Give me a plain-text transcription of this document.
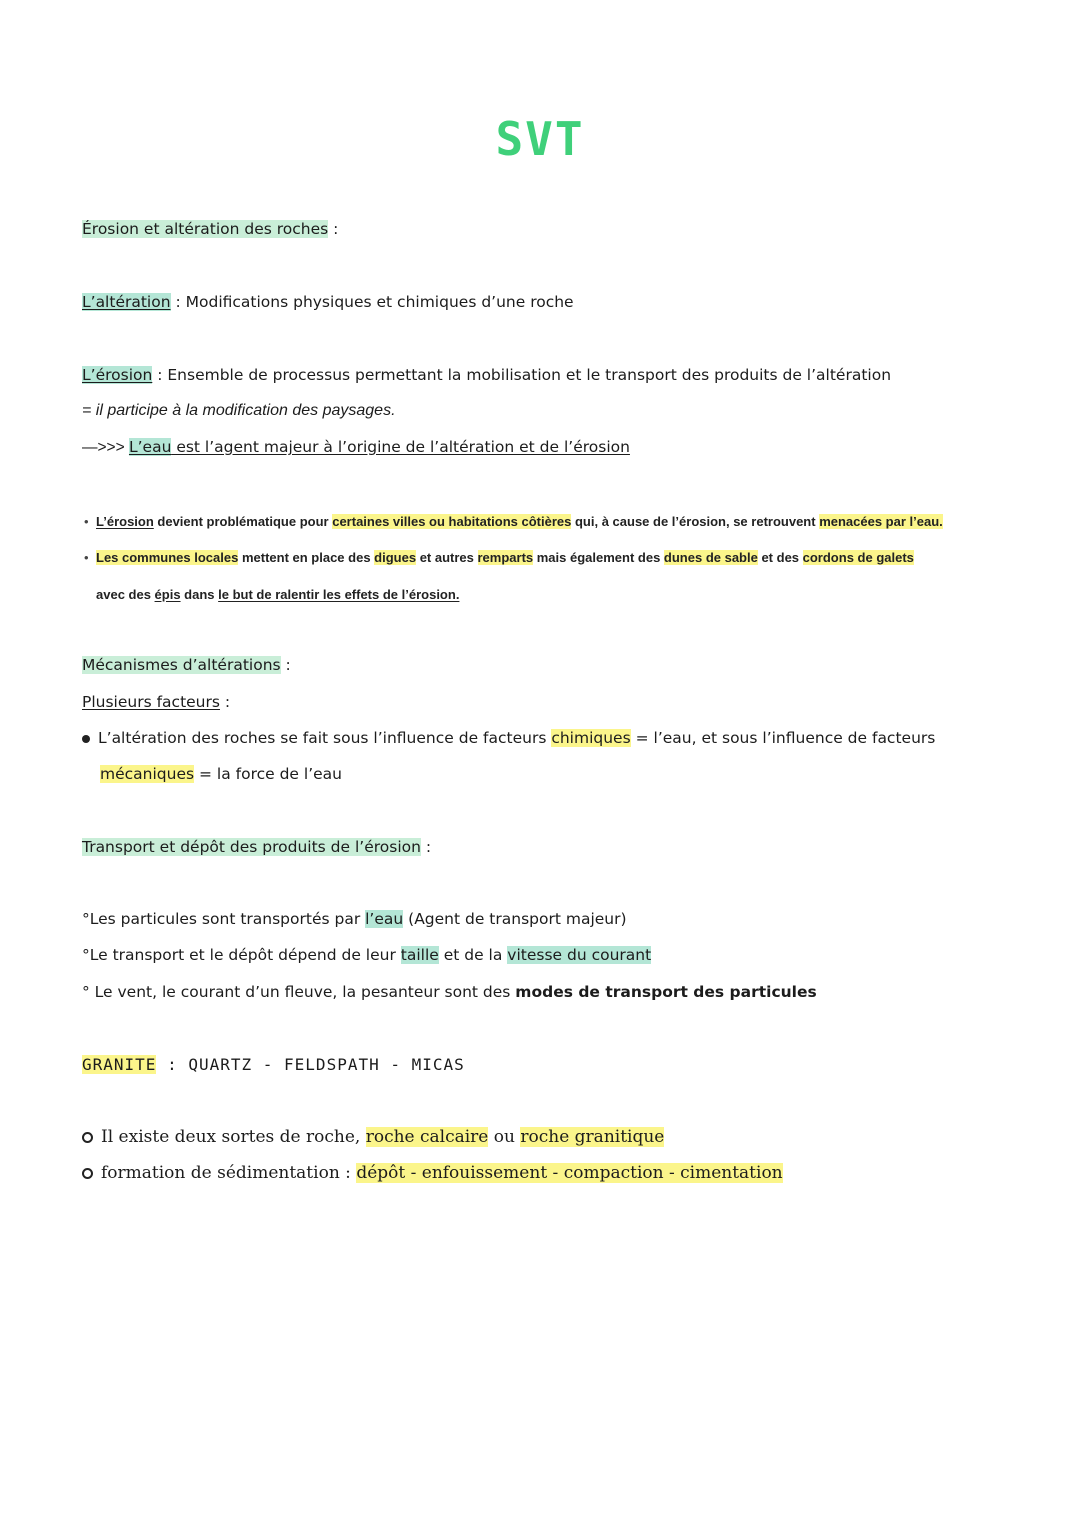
SVT
Érosion et altération des roches :
L’altération : Modifications physiques et chimiques d’une roche
L’érosion : Ensemble de processus permettant la mobilisation et le transport des produits de l’altération
= il participe à la modification des paysages.
—>>> L’eau est l’agent majeur à l’origine de l’altération et de l’érosion
• L’érosion devient problématique pour certaines villes ou habitations côtières qui, à cause de l’érosion, se retrouvent menacées par l’eau.
• Les communes locales mettent en place des digues et autres remparts mais également des dunes de sable et des cordons de galets
avec des épis dans le but de ralentir les effets de l’érosion.
Mécanismes d’altérations :
Plusieurs facteurs :
L’altération des roches se fait sous l’influence de facteurs chimiques = l’eau, et sous l’influence de facteurs
mécaniques = la force de l’eau
Transport et dépôt des produits de l’érosion :
°Les particules sont transportés par l’eau (Agent de transport majeur)
°Le transport et le dépôt dépend de leur taille et de la vitesse du courant
° Le vent, le courant d’un fleuve, la pesanteur sont des modes de transport des particules
GRANITE : QUARTZ - FELDSPATH - MICAS
Il existe deux sortes de roche, roche calcaire ou roche granitique
formation de sédimentation : dépôt - enfouissement - compaction - cimentation
